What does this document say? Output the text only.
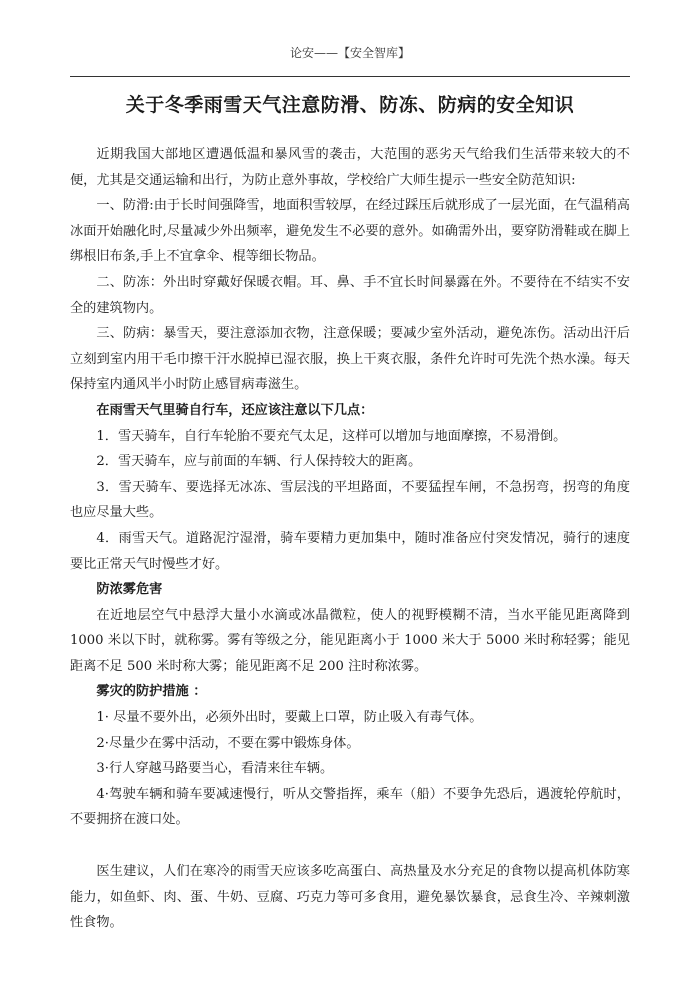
论安——【安全智库】
关于冬季雨雪天气注意防滑、防冻、防病的安全知识

近期我国大部地区遭遇低温和暴风雪的袭击，大范围的恶劣天气给我们生活带来较大的不便，尤其是交通运输和出行，为防止意外事故，学校给广大师生提示一些安全防范知识:

一、防滑:由于长时间强降雪，地面积雪较厚，在经过踩压后就形成了一层光面，在气温稍高冰面开始融化时,尽量减少外出频率，避免发生不必要的意外。如确需外出，要穿防滑鞋或在脚上绑根旧布条,手上不宜拿伞、棍等细长物品。

二、防冻：外出时穿戴好保暖衣帽。耳、鼻、手不宜长时间暴露在外。不要待在不结实不安全的建筑物内。

三、防病：暴雪天，要注意添加衣物，注意保暖；要减少室外活动，避免冻伤。活动出汗后立刻到室内用干毛巾擦干汗水脱掉已湿衣服，换上干爽衣服，条件允许时可先洗个热水澡。每天保持室内通风半小时防止感冒病毒滋生。

在雨雪天气里骑自行车，还应该注意以下几点：

1．雪天骑车，自行车轮胎不要充气太足，这样可以增加与地面摩擦，不易滑倒。

2．雪天骑车，应与前面的车辆、行人保持较大的距离。

3．雪天骑车、要选择无冰冻、雪层浅的平坦路面，不要猛捏车闸，不急拐弯，拐弯的角度也应尽量大些。

4．雨雪天气。道路泥泞湿滑，骑车要精力更加集中，随时准备应付突发情况，骑行的速度要比正常天气时慢些才好。

防浓雾危害

在近地层空气中悬浮大量小水滴或冰晶微粒，使人的视野模糊不清，当水平能见距离降到 1000 米以下时，就称雾。雾有等级之分，能见距离小于 1000 米大于 5000 米时称轻雾；能见距离不足 500 米时称大雾；能见距离不足 200 注时称浓雾。

雾灾的防护措施 ：

1· 尽量不要外出，必须外出时，要戴上口罩，防止吸入有毒气体。

2·尽量少在雾中活动，不要在雾中锻炼身体。

3·行人穿越马路要当心，看清来往车辆。

4·驾驶车辆和骑车要减速慢行，听从交警指挥，乘车（船）不要争先恐后，遇渡轮停航时，不要拥挤在渡口处。

医生建议，人们在寒冷的雨雪天应该多吃高蛋白、高热量及水分充足的食物以提高机体防寒能力，如鱼虾、肉、蛋、牛奶、豆腐、巧克力等可多食用，避免暴饮暴食，忌食生冷、辛辣刺激性食物。
